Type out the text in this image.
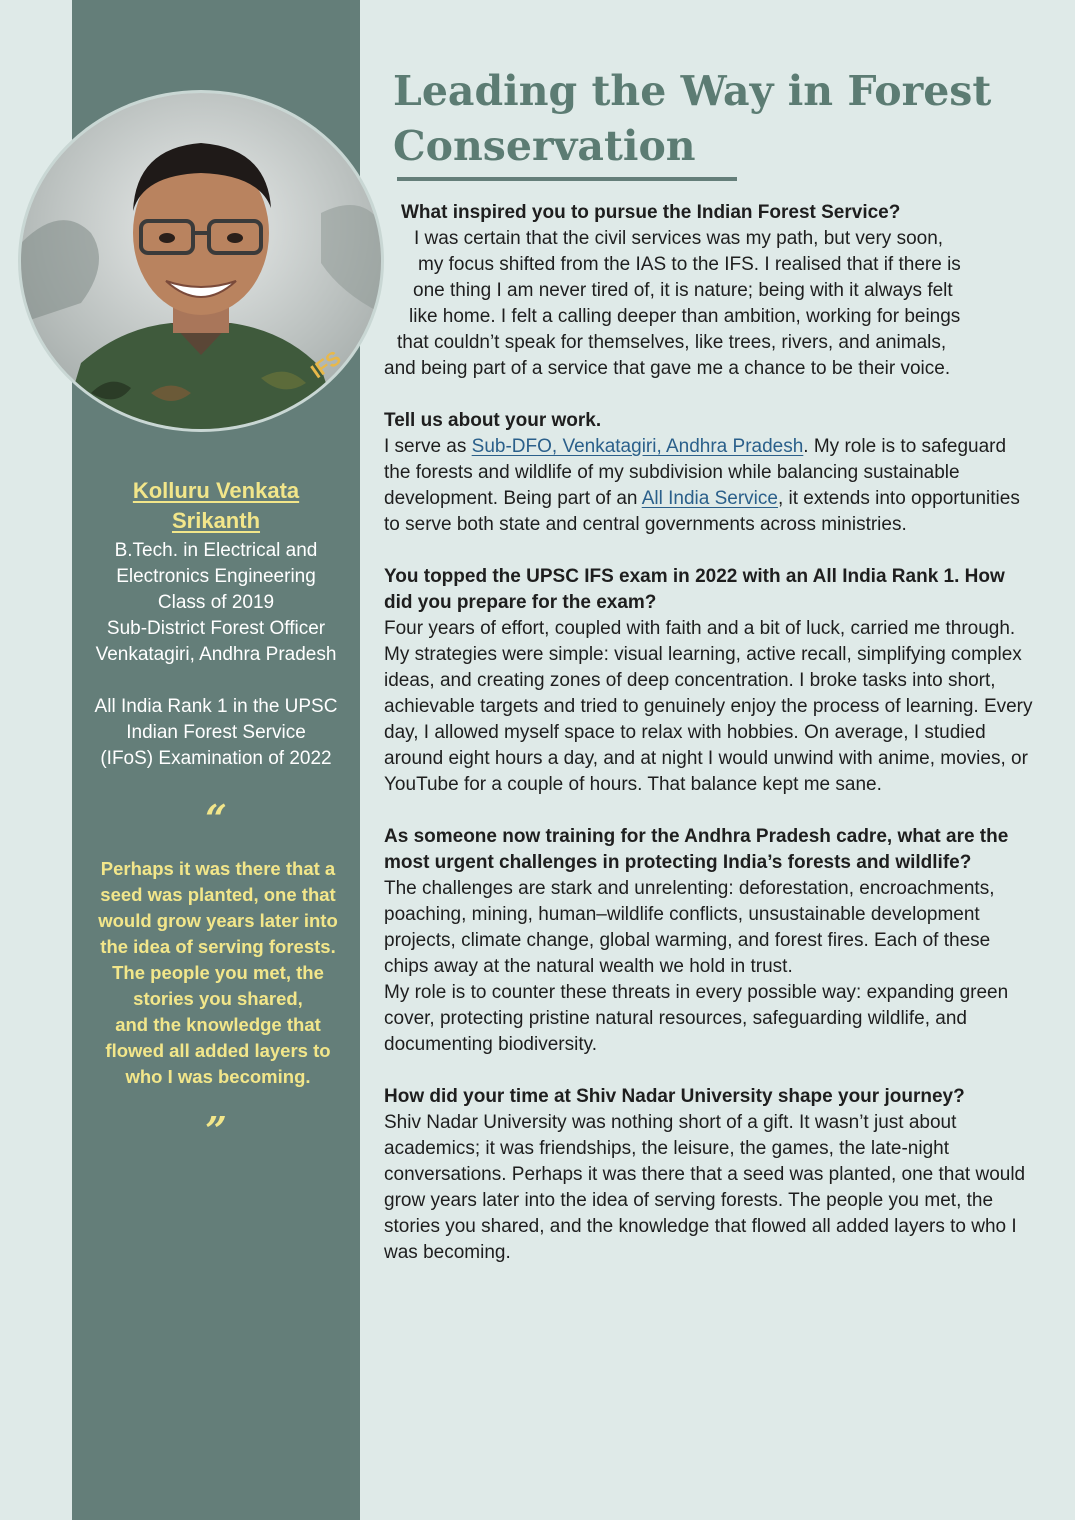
IFS
Kolluru Venkata Srikanth
B.Tech. in Electrical and
Electronics Engineering
Class of 2019
Sub-District Forest Officer
Venkatagiri, Andhra Pradesh
All India Rank 1 in the UPSC
Indian Forest Service
(IFoS) Examination of 2022
“
Perhaps it was there that a
seed was planted, one that
would grow years later into
the idea of serving forests.
The people you met, the
stories you shared,
and the knowledge that
flowed all added layers to
who I was becoming.
”
Leading the Way in Forest Conservation

What inspired you to pursue the Indian Forest Service?

I was certain that the civil services was my path, but very soon,
my focus shifted from the IAS to the IFS. I realised that if there is
one thing I am never tired of, it is nature; being with it always felt
like home. I felt a calling deeper than ambition, working for beings
that couldn’t speak for themselves, like trees, rivers, and animals,
and being part of a service that gave me a chance to be their voice.

Tell us about your work.

I serve as Sub-DFO, Venkatagiri, Andhra Pradesh. My role is to safeguard the forests and wildlife of my subdivision while balancing sustainable development. Being part of an All India Service, it extends into opportunities to serve both state and central governments across ministries.

You topped the UPSC IFS exam in 2022 with an All India Rank 1. How did you prepare for the exam?

Four years of effort, coupled with faith and a bit of luck, carried me through. My strategies were simple: visual learning, active recall, simplifying complex ideas, and creating zones of deep concentration. I broke tasks into short, achievable targets and tried to genuinely enjoy the process of learning. Every day, I allowed myself space to relax with hobbies. On average, I studied around eight hours a day, and at night I would unwind with anime, movies, or YouTube for a couple of hours. That balance kept me sane.

As someone now training for the Andhra Pradesh cadre, what are the most urgent challenges in protecting India’s forests and wildlife?

The challenges are stark and unrelenting: deforestation, encroachments, poaching, mining, human–wildlife conflicts, unsustainable development projects, climate change, global warming, and forest fires. Each of these chips away at the natural wealth we hold in trust.

My role is to counter these threats in every possible way: expanding green cover, protecting pristine natural resources, safeguarding wildlife, and documenting biodiversity.

How did your time at Shiv Nadar University shape your journey?

Shiv Nadar University was nothing short of a gift. It wasn’t just about academics; it was friendships, the leisure, the games, the late-night conversations. Perhaps it was there that a seed was planted, one that would grow years later into the idea of serving forests. The people you met, the stories you shared, and the knowledge that flowed all added layers to who I was becoming.
